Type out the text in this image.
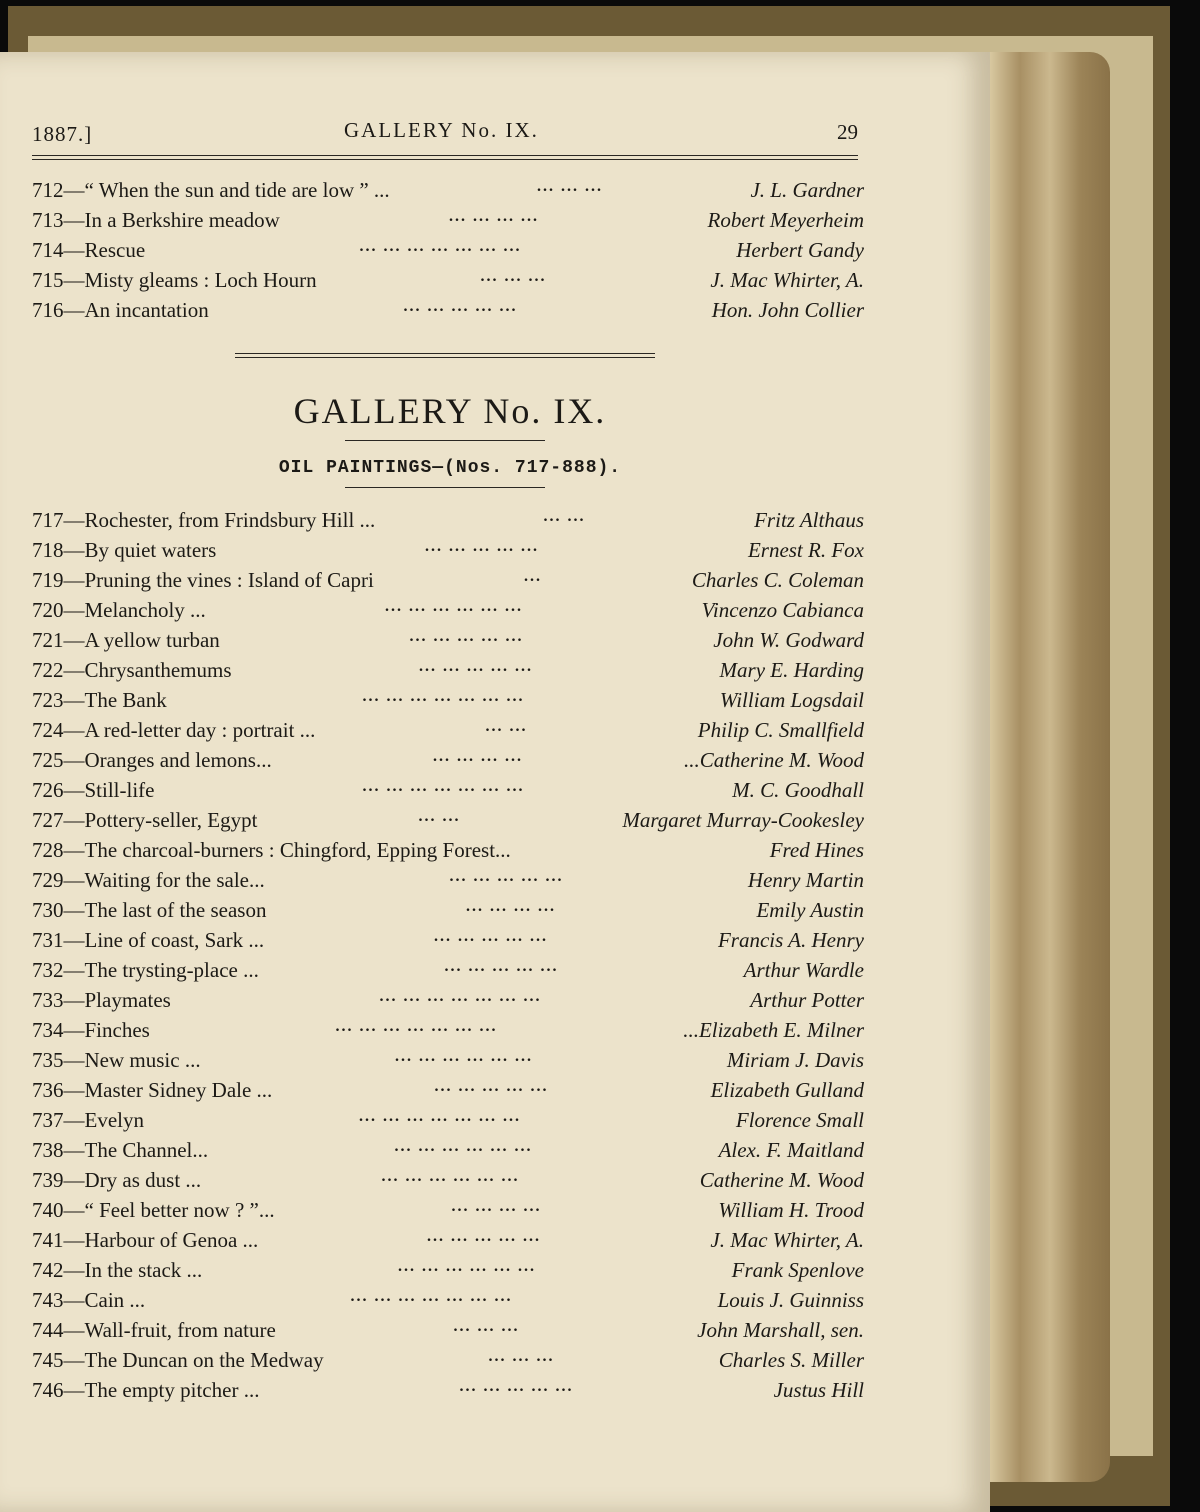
1887.]	GALLERY No. IX.	29
712—“ When the sun and tide are low ” ...	... ... ...	J. L. Gardner
713—In a Berkshire meadow	... ... ... ...	Robert Meyerheim
714—Rescue	... ... ... ... ... ... ...	Herbert Gandy
715—Misty gleams : Loch Hourn	... ... ...	J. Mac Whirter, A.
716—An incantation	... ... ... ... ...	Hon. John Collier
GALLERY No. IX.
OIL PAINTINGS—(Nos. 717-888).
717—Rochester, from Frindsbury Hill ...	... ...	Fritz Althaus
718—By quiet waters	... ... ... ... ...	Ernest R. Fox
719—Pruning the vines : Island of Capri	...	Charles C. Coleman
720—Melancholy ...	... ... ... ... ... ...	Vincenzo Cabianca
721—A yellow turban	... ... ... ... ...	John W. Godward
722—Chrysanthemums	... ... ... ... ...	Mary E. Harding
723—The Bank	... ... ... ... ... ... ...	William Logsdail
724—A red-letter day : portrait ...	... ...	Philip C. Smallfield
725—Oranges and lemons...	... ... ... ...	...Catherine M. Wood
726—Still-life	... ... ... ... ... ... ...	M. C. Goodhall
727—Pottery-seller, Egypt	... ...	Margaret Murray-Cookesley
728—The charcoal-burners : Chingford, Epping Forest...	Fred Hines
729—Waiting for the sale...	... ... ... ... ...	Henry Martin
730—The last of the season	... ... ... ...	Emily Austin
731—Line of coast, Sark ...	... ... ... ... ...	Francis A. Henry
732—The trysting-place ...	... ... ... ... ...	Arthur Wardle
733—Playmates	... ... ... ... ... ... ...	Arthur Potter
734—Finches	... ... ... ... ... ... ...	...Elizabeth E. Milner
735—New music ...	... ... ... ... ... ...	Miriam J. Davis
736—Master Sidney Dale ...	... ... ... ... ...	Elizabeth Gulland
737—Evelyn	... ... ... ... ... ... ...	Florence Small
738—The Channel...	... ... ... ... ... ...	Alex. F. Maitland
739—Dry as dust ...	... ... ... ... ... ...	Catherine M. Wood
740—“ Feel better now ? ”...	... ... ... ...	William H. Trood
741—Harbour of Genoa ...	... ... ... ... ...	J. Mac Whirter, A.
742—In the stack ...	... ... ... ... ... ...	Frank Spenlove
743—Cain ...	... ... ... ... ... ... ...	Louis J. Guinniss
744—Wall-fruit, from nature	... ... ...	John Marshall, sen.
745—The Duncan on the Medway	... ... ...	Charles S. Miller
746—The empty pitcher ...	... ... ... ... ...	Justus Hill
